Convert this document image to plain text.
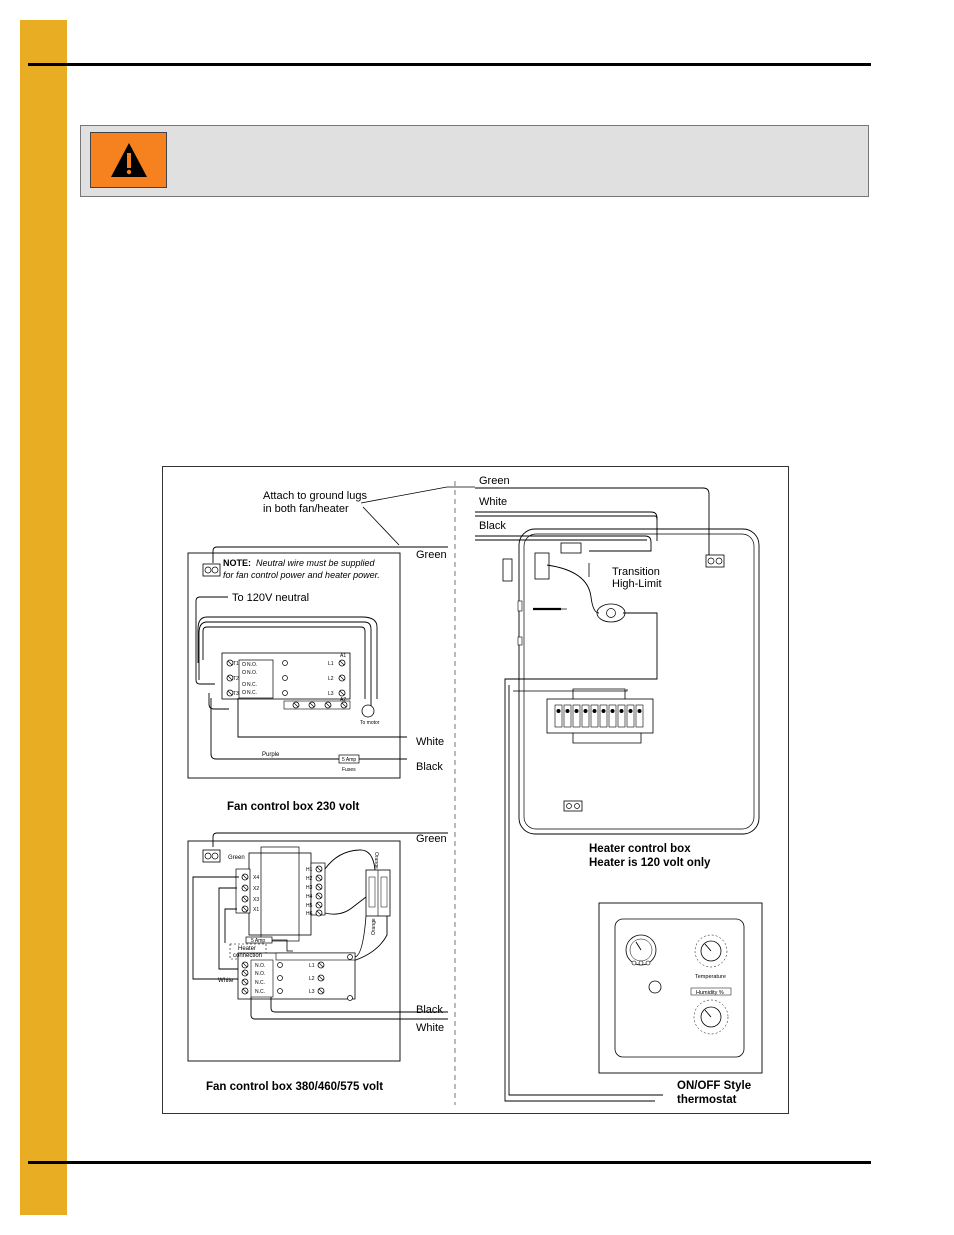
Green
White
Black
Attach to ground lugs
in both fan/heater
NOTE: Neutral wire must be supplied
for fan control power and heater power.
To 120V neutral
T1
T2
T3
N.O.
N.O.
N.C.
N.C.
L1
L2
L3
A1
A2
To motor
Purple
5 Amp
Fuses
Green
White
Black
Fan control box 230 volt
Green
X4
X2
X3
X1
H1
H2
H3
H4
H5
H6
5 Amp
Heater
connection
White
N.O.
N.O.
N.C.
N.C.
L1
L2
L3
Orange
Orange
Green
Black
White
Fan control box 380/460/575 volt
Transition
High-Limit
Heater control box
Heater is 120 volt only
Temperature
Humidity %
ON/OFF Style
thermostat
